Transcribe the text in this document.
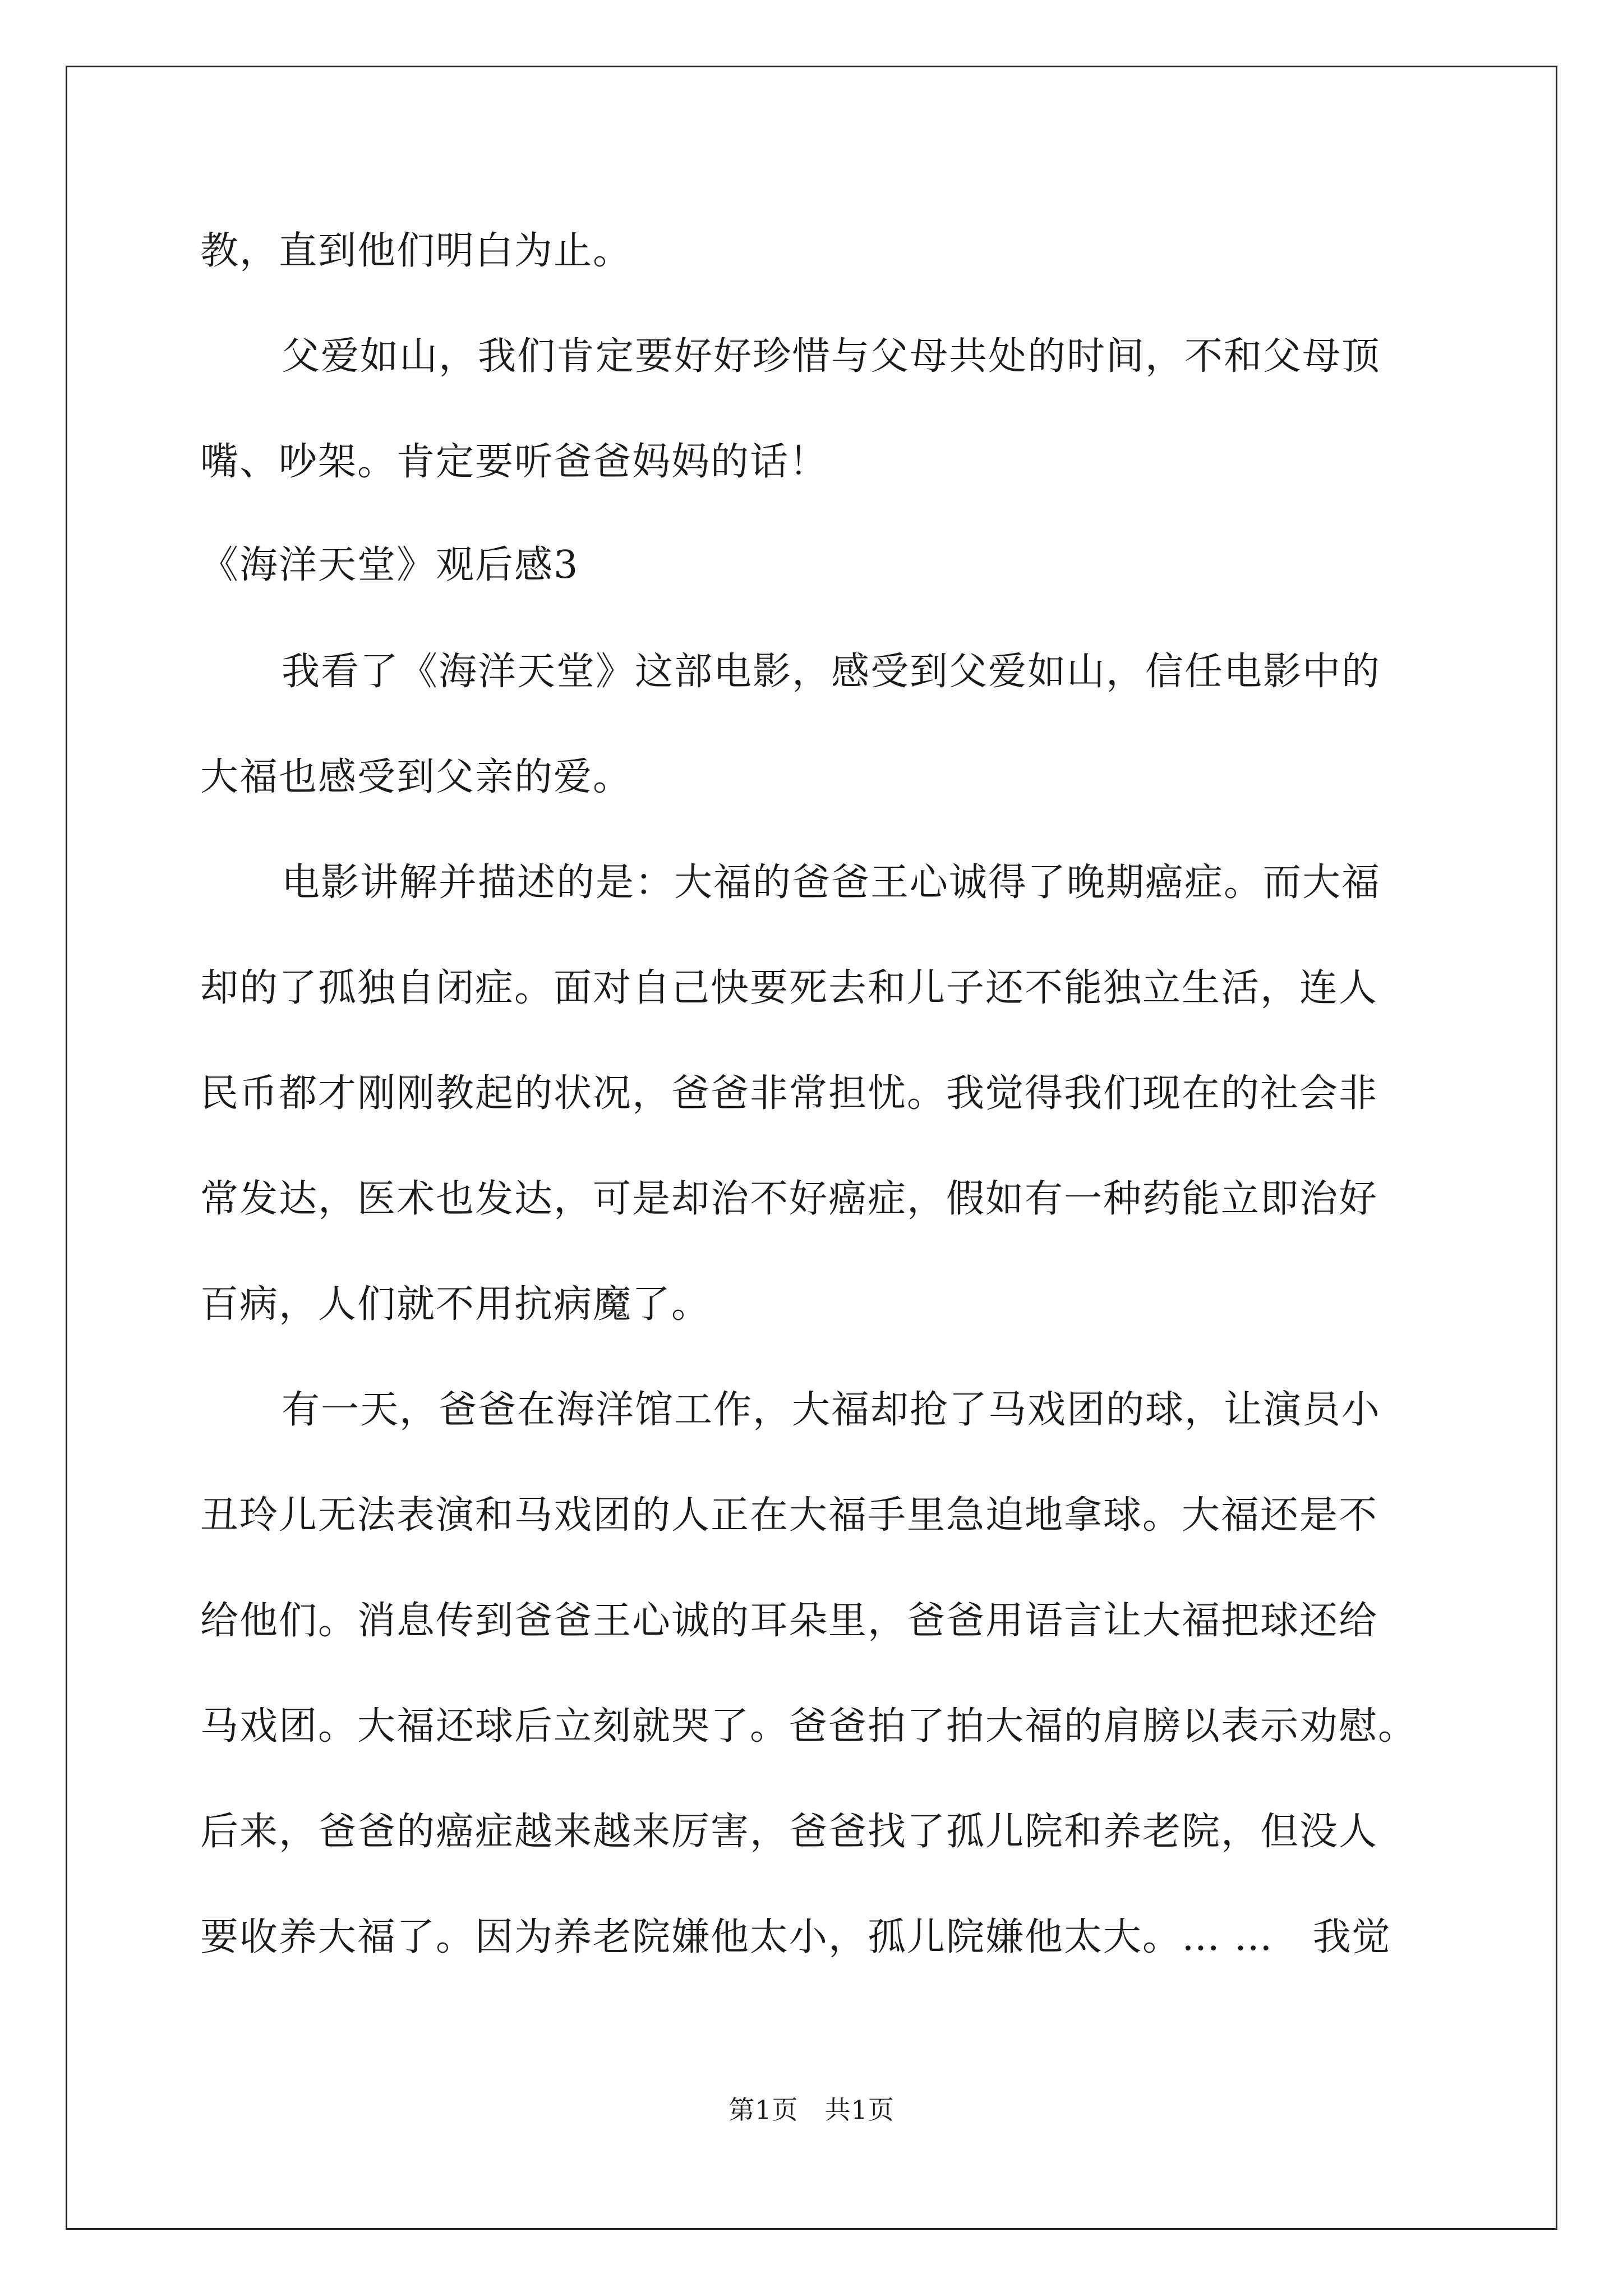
教，直到他们明白为止。
父爱如山，我们肯定要好好珍惜与父母共处的时间，不和父母顶
嘴、吵架。肯定要听爸爸妈妈的话！
《海洋天堂》观后感3
我看了《海洋天堂》这部电影，感受到父爱如山，信任电影中的
大福也感受到父亲的爱。
电影讲解并描述的是：大福的爸爸王心诚得了晚期癌症。而大福
却的了孤独自闭症。面对自己快要死去和儿子还不能独立生活，连人
民币都才刚刚教起的状况，爸爸非常担忧。我觉得我们现在的社会非
常发达，医术也发达，可是却治不好癌症，假如有一种药能立即治好
百病，人们就不用抗病魔了。
有一天，爸爸在海洋馆工作，大福却抢了马戏团的球，让演员小
丑玲儿无法表演和马戏团的人正在大福手里急迫地拿球。大福还是不
给他们。消息传到爸爸王心诚的耳朵里，爸爸用语言让大福把球还给
马戏团。大福还球后立刻就哭了。爸爸拍了拍大福的肩膀以表示劝慰。
后来，爸爸的癌症越来越来厉害，爸爸找了孤儿院和养老院，但没人
要收养大福了。因为养老院嫌他太小，孤儿院嫌他太大。… …　我觉
第1页　共1页
